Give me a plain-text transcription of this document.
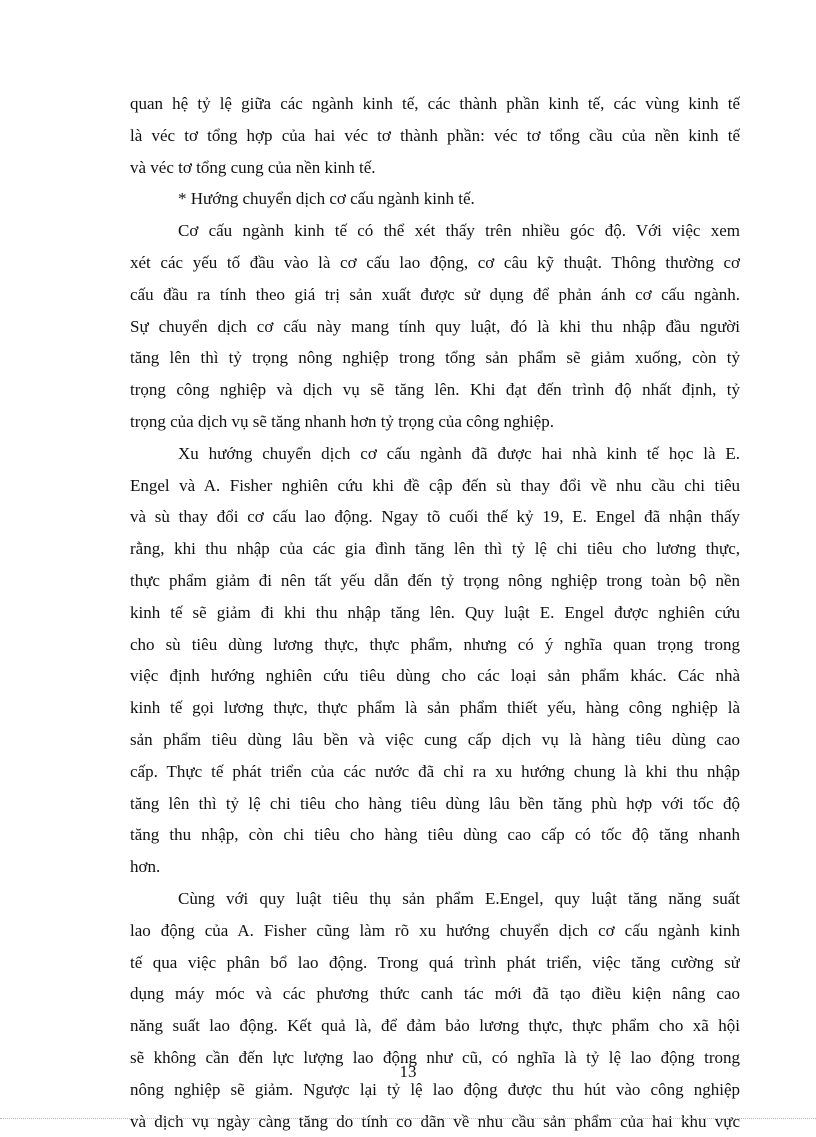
quan hệ tỷ lệ giữa các ngành kinh tế, các thành phần kinh tế, các vùng kinh tế
là véc tơ tổng hợp của hai véc tơ thành phần: véc tơ tổng cầu của nền kinh tế
và véc tơ tổng cung của nền kinh tế.
* Hướng chuyển dịch cơ cấu ngành kinh tế.
Cơ cấu ngành kinh tế có thể xét thấy trên nhiều góc độ. Với việc xem
xét các yếu tố đầu vào là cơ cấu lao động, cơ câu kỹ thuật. Thông thường cơ
cấu đầu ra tính theo giá trị sản xuất được sử dụng để phản ánh cơ cấu ngành.
Sự chuyển dịch cơ cấu này mang tính quy luật, đó là khi thu nhập đầu người
tăng lên thì tỷ trọng nông nghiệp trong tổng sản phẩm sẽ giảm xuống, còn tỷ
trọng công nghiệp và dịch vụ sẽ tăng lên. Khi đạt đến trình độ nhất định, tỷ
trọng của dịch vụ sẽ tăng nhanh hơn tỷ trọng của công nghiệp.
Xu hướng chuyển dịch cơ cấu ngành đã được hai nhà kinh tế học là E.
Engel và A. Fisher nghiên cứu khi đề cập đến sù thay đổi về nhu cầu chi tiêu
và sù thay đổi cơ cấu lao động. Ngay tõ cuối thế kỷ 19, E. Engel đã nhận thấy
rằng, khi thu nhập của các gia đình tăng lên thì tỷ lệ chi tiêu cho lương thực,
thực phẩm giảm đi nên tất yếu dẫn đến tỷ trọng nông nghiệp trong toàn bộ nền
kinh tế sẽ giảm đi khi thu nhập tăng lên. Quy luật E. Engel được nghiên cứu
cho sù tiêu dùng lương thực, thực phẩm, nhưng có ý nghĩa quan trọng trong
việc định hướng nghiên cứu tiêu dùng cho các loại sản phẩm khác. Các nhà
kinh tế gọi lương thực, thực phẩm là sản phẩm thiết yếu, hàng công nghiệp là
sản phẩm tiêu dùng lâu bền và việc cung cấp dịch vụ là hàng tiêu dùng cao
cấp. Thực tế phát triển của các nước đã chỉ ra xu hướng chung là khi thu nhập
tăng lên thì tỷ lệ chi tiêu cho hàng tiêu dùng lâu bền tăng phù hợp với tốc độ
tăng thu nhập, còn chi tiêu cho hàng tiêu dùng cao cấp có tốc độ tăng nhanh
hơn.
Cùng với quy luật tiêu thụ sản phẩm E.Engel, quy luật tăng năng suất
lao động của A. Fisher cũng làm rõ xu hướng chuyển dịch cơ cấu ngành kinh
tế qua việc phân bổ lao động. Trong quá trình phát triển, việc tăng cường sử
dụng máy móc và các phương thức canh tác mới đã tạo điều kiện nâng cao
năng suất lao động. Kết quả là, để đảm bảo lương thực, thực phẩm cho xã hội
sẽ không cần đến lực lượng lao động như cũ, có nghĩa là tỷ lệ lao động trong
nông nghiệp sẽ giảm. Ngược lại tỷ lệ lao động được thu hút vào công nghiệp
và dịch vụ ngày càng tăng do tính co dãn về nhu cầu sản phẩm của hai khu vực
13
